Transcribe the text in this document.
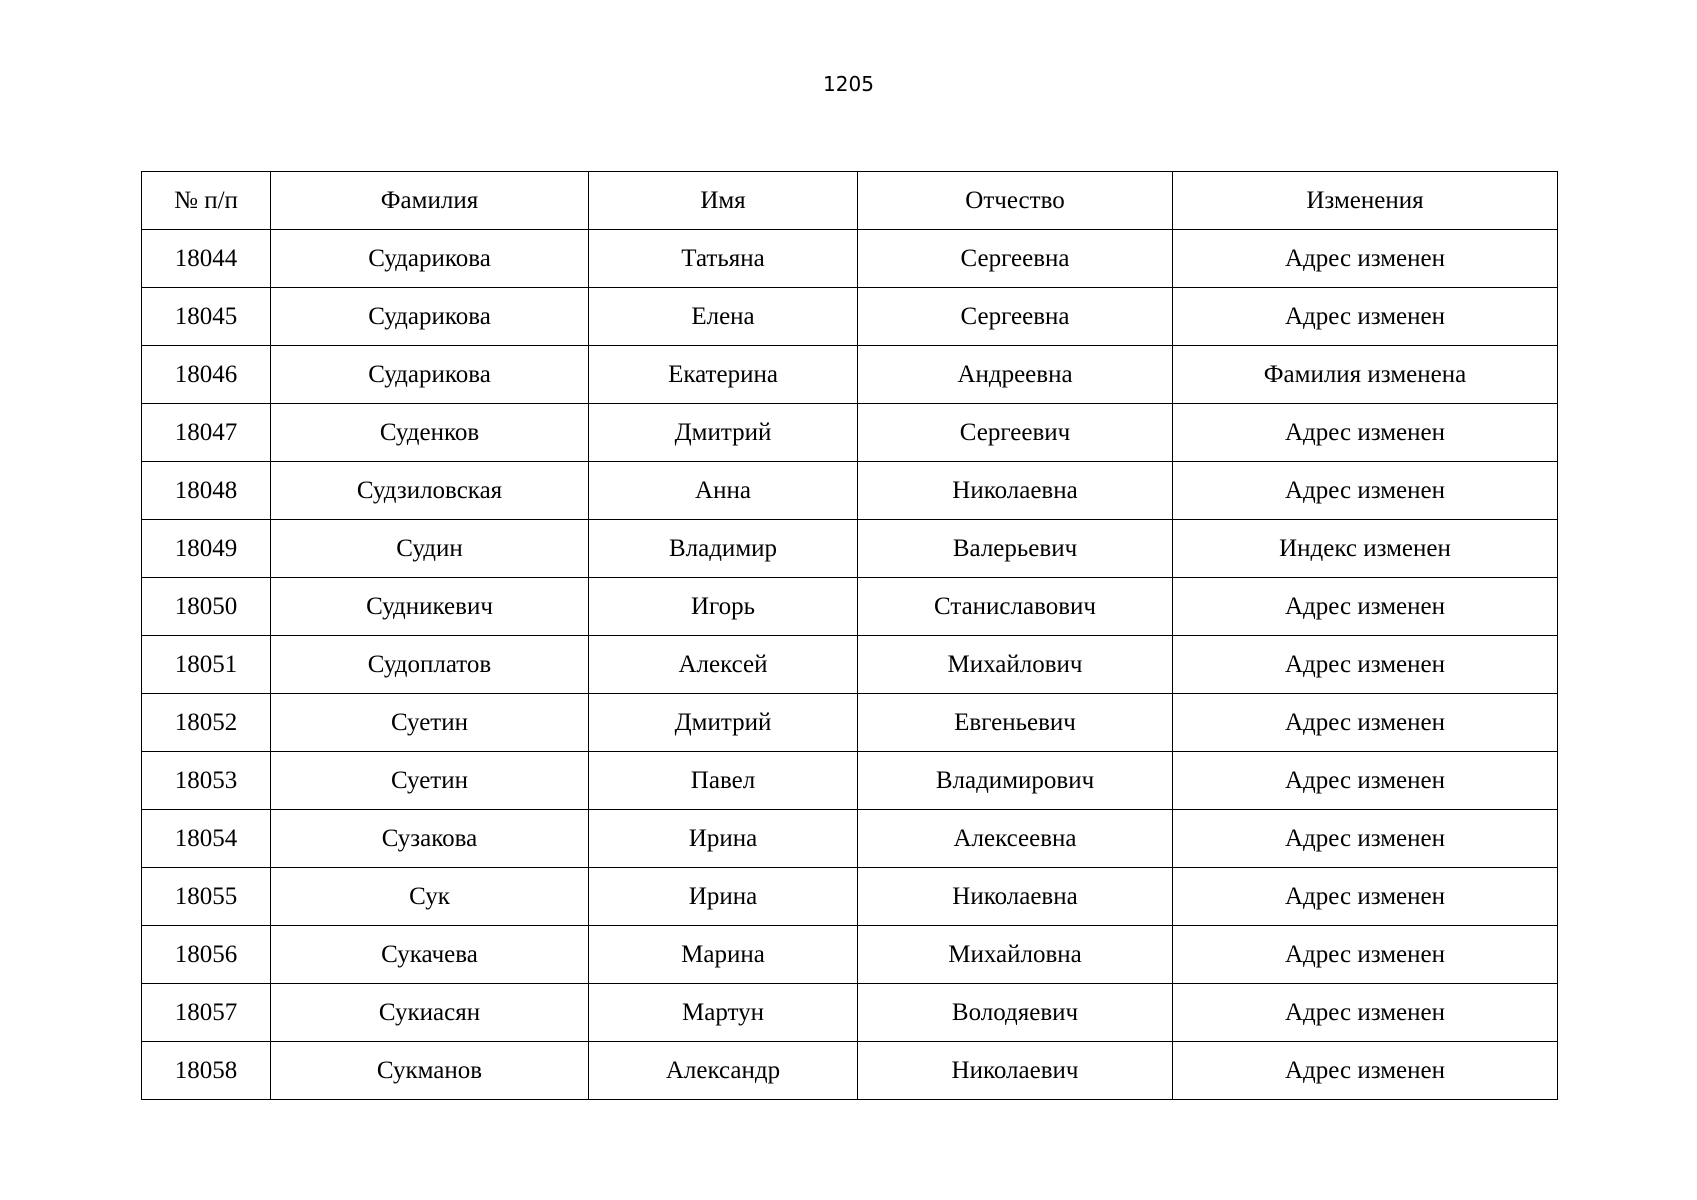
1205
№ п/п	Фамилия	Имя	Отчество	Изменения
18044	Сударикова	Татьяна	Сергеевна	Адрес изменен
18045	Сударикова	Елена	Сергеевна	Адрес изменен
18046	Сударикова	Екатерина	Андреевна	Фамилия изменена
18047	Суденков	Дмитрий	Сергеевич	Адрес изменен
18048	Судзиловская	Анна	Николаевна	Адрес изменен
18049	Судин	Владимир	Валерьевич	Индекс изменен
18050	Судникевич	Игорь	Станиславович	Адрес изменен
18051	Судоплатов	Алексей	Михайлович	Адрес изменен
18052	Суетин	Дмитрий	Евгеньевич	Адрес изменен
18053	Суетин	Павел	Владимирович	Адрес изменен
18054	Сузакова	Ирина	Алексеевна	Адрес изменен
18055	Сук	Ирина	Николаевна	Адрес изменен
18056	Сукачева	Марина	Михайловна	Адрес изменен
18057	Сукиасян	Мартун	Володяевич	Адрес изменен
18058	Сукманов	Александр	Николаевич	Адрес изменен
